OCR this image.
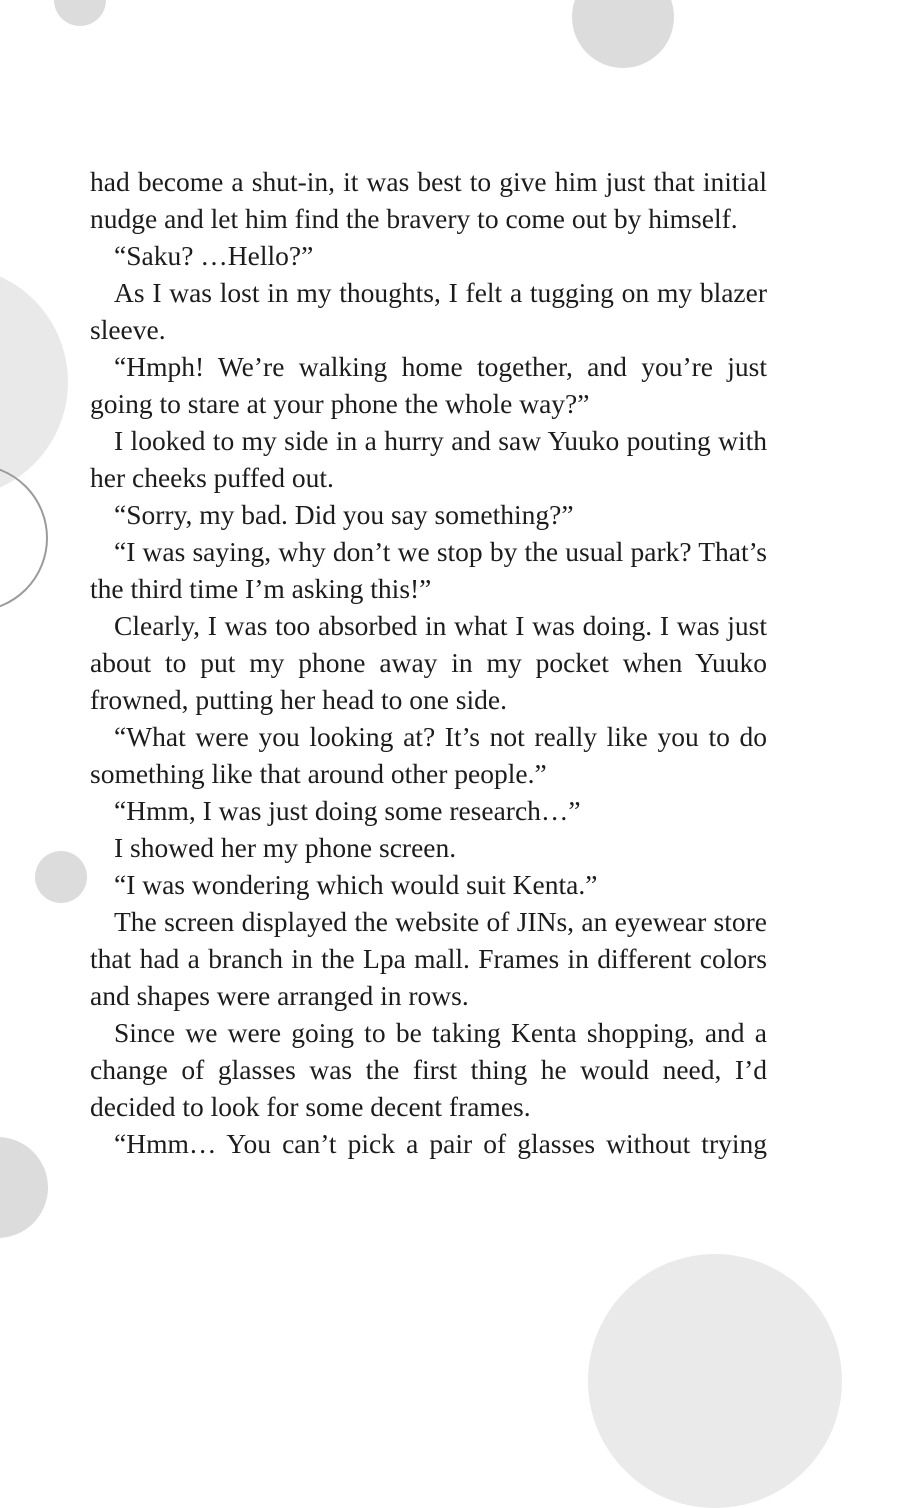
had become a shut-in, it was best to give him just that initial nudge and let him find the bravery to come out by himself.

“Saku? …Hello?”

As I was lost in my thoughts, I felt a tugging on my blazer sleeve.

“Hmph! We’re walking home together, and you’re just going to stare at your phone the whole way?”

I looked to my side in a hurry and saw Yuuko pouting with her cheeks puffed out.

“Sorry, my bad. Did you say something?”

“I was saying, why don’t we stop by the usual park? That’s the third time I’m asking this!”

Clearly, I was too absorbed in what I was doing. I was just about to put my phone away in my pocket when Yuuko frowned, putting her head to one side.

“What were you looking at? It’s not really like you to do something like that around other people.”

“Hmm, I was just doing some research…”

I showed her my phone screen.

“I was wondering which would suit Kenta.”

The screen displayed the website of JINs, an eyewear store that had a branch in the Lpa mall. Frames in different colors and shapes were arranged in rows.

Since we were going to be taking Kenta shopping, and a change of glasses was the first thing he would need, I’d decided to look for some decent frames.

“Hmm… You can’t pick a pair of glasses without trying
